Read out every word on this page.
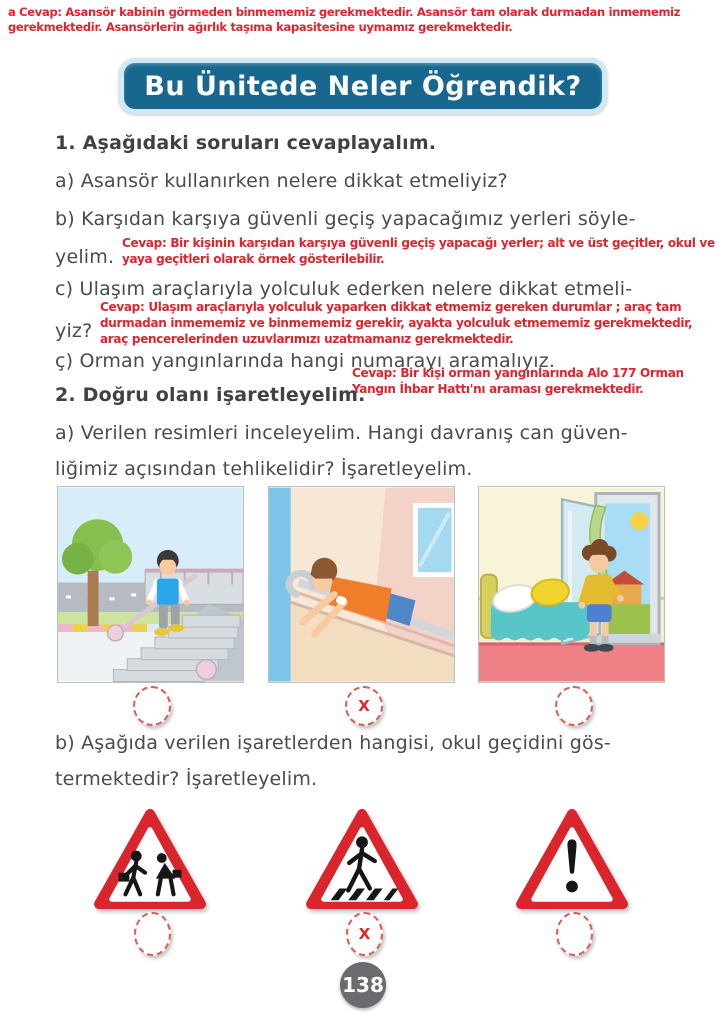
a Cevap: Asansör kabinin görmeden binmememiz gerekmektedir. Asansör tam olarak durmadan inmememiz gerekmektedir. Asansörlerin ağırlık taşıma kapasitesine uymamız gerekmektedir.
Bu Ünitede Neler Öğrendik?
1. Aşağıdaki soruları cevaplayalım.
a) Asansör kullanırken nelere dikkat etmeliyiz?
b) Karşıdan karşıya güvenli geçiş yapacağımız yerleri söyle-
yelim.
Cevap: Bir kişinin karşıdan karşıya güvenli geçiş yapacağı yerler; alt ve üst geçitler, okul ve yaya geçitleri olarak örnek gösterilebilir.
c) Ulaşım araçlarıyla yolculuk ederken nelere dikkat etmeli-
yiz?
Cevap: Ulaşım araçlarıyla yolculuk yaparken dikkat etmemiz gereken durumlar ; araç tam durmadan inmememiz ve binmememiz gerekir, ayakta yolculuk etmememiz gerekmektedir, araç pencerelerinden uzuvlarımızı uzatmamanız gerekmektedir.
ç) Orman yangınlarında hangi numarayı aramalıyız.
Cevap: Bir kişi orman yangınlarında Alo 177 Orman Yangın İhbar Hattı'nı araması gerekmektedir.
2. Doğru olanı işaretleyelim.
a) Verilen resimleri inceleyelim. Hangi davranış can güven-
liğimiz açısından tehlikelidir? İşaretleyelim.
X
b) Aşağıda verilen işaretlerden hangisi, okul geçidini gös-
termektedir? İşaretleyelim.
X
138
